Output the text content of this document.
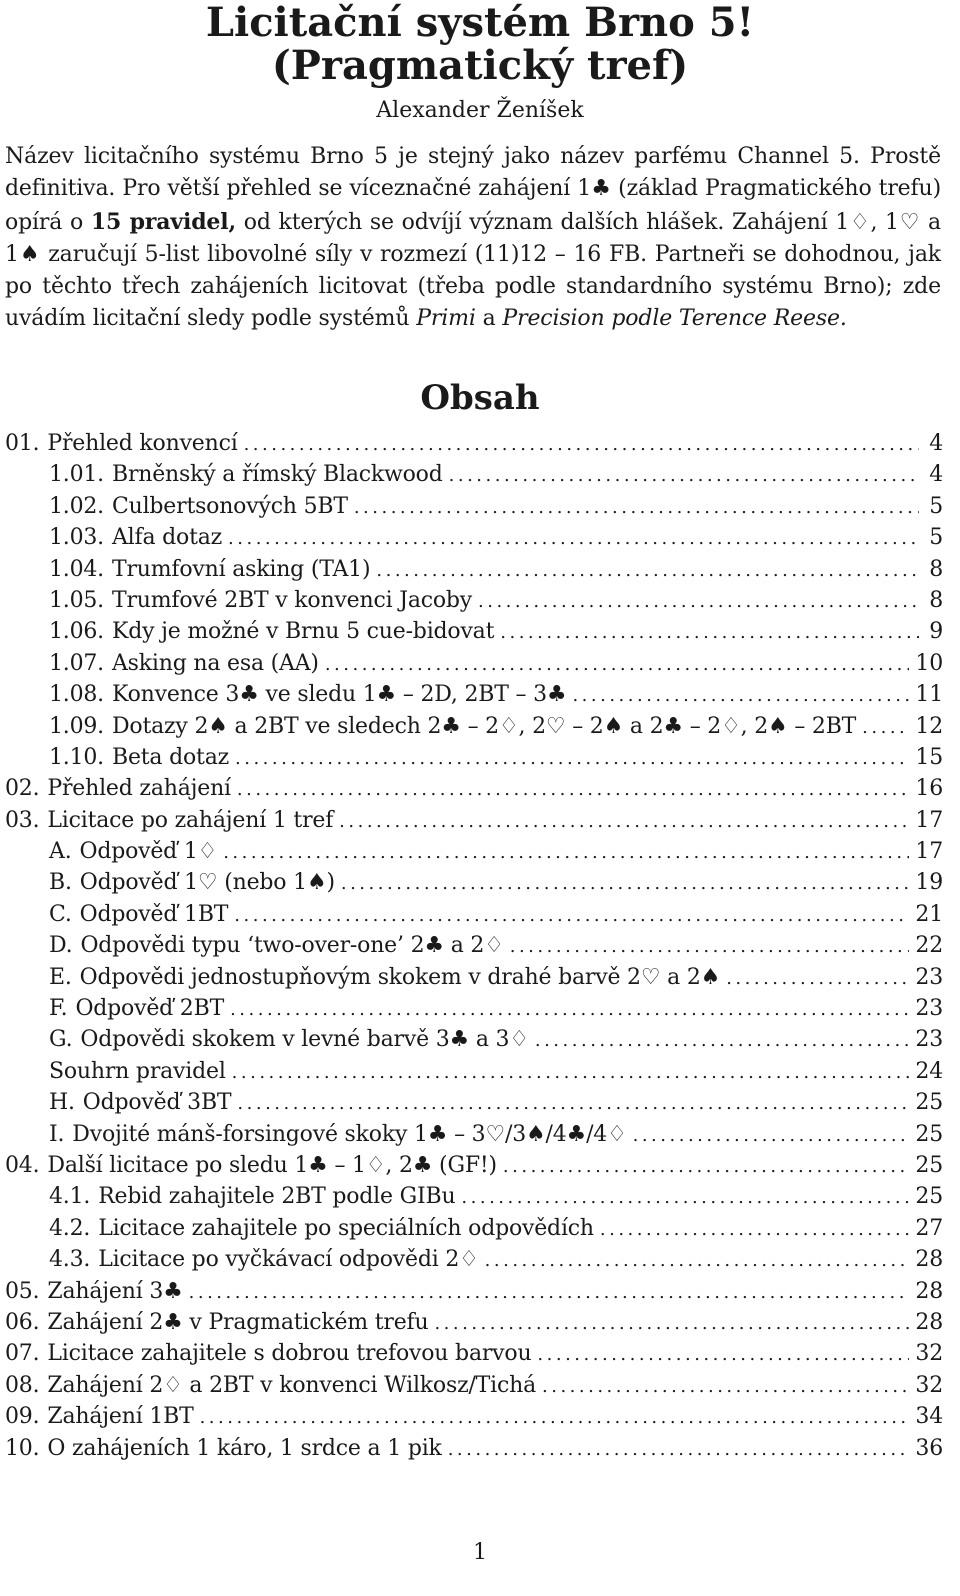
Licitační systém Brno 5!
(Pragmatický tref)
Alexander Ženíšek

Název licitačního systému Brno 5 je stejný jako název parfému Channel 5. Prostě definitiva. Pro větší přehled se víceznačné zahájení 1♣ (základ Pragmatického trefu) opírá o 15 pravidel, od kterých se odvíjí význam dalších hlášek. Zahájení 1♢, 1♡ a 1♠ zaručují 5-list libovolné síly v rozmezí (11)12 – 16 FB. Partneři se dohodnou, jak po těchto třech zahájeních licitovat (třeba podle standardního systému Brno); zde uvádím licitační sledy podle systémů Primi a Precision podle Terence Reese.

Obsah
01. Přehled konvencí .....	4
1.01. Brněnský a římský Blackwood .....	4
1.02. Culbertsonových 5BT .....	5
1.03. Alfa dotaz .....	5
1.04. Trumfovní asking (TA1) .....	8
1.05. Trumfové 2BT v konvenci Jacoby .....	8
1.06. Kdy je možné v Brnu 5 cue-bidovat .....	9
1.07. Asking na esa (AA) .....	10
1.08. Konvence 3♣ ve sledu 1♣ – 2D, 2BT – 3♣ .....	11
1.09. Dotazy 2♠ a 2BT ve sledech 2♣ – 2♢, 2♡ – 2♠ a 2♣ – 2♢, 2♠ – 2BT .....	12
1.10. Beta dotaz .....	15
02. Přehled zahájení .....	16
03. Licitace po zahájení 1 tref .....	17
A. Odpověď 1♢ .....	17
B. Odpověď 1♡ (nebo 1♠) .....	19
C. Odpověď 1BT .....	21
D. Odpovědi typu ‘two-over-one’ 2♣ a 2♢ .....	22
E. Odpovědi jednostupňovým skokem v drahé barvě 2♡ a 2♠ .....	23
F. Odpověď 2BT .....	23
G. Odpovědi skokem v levné barvě 3♣ a 3♢ .....	23
Souhrn pravidel .....	24
H. Odpověď 3BT .....	25
I. Dvojité mánš-forsingové skoky 1♣ – 3♡/3♠/4♣/4♢ .....	25
04. Další licitace po sledu 1♣ – 1♢, 2♣ (GF!) .....	25
4.1. Rebid zahajitele 2BT podle GIBu .....	25
4.2. Licitace zahajitele po speciálních odpovědích .....	27
4.3. Licitace po vyčkávací odpovědi 2♢ .....	28
05. Zahájení 3♣ .....	28
06. Zahájení 2♣ v Pragmatickém trefu .....	28
07. Licitace zahajitele s dobrou trefovou barvou .....	32
08. Zahájení 2♢ a 2BT v konvenci Wilkosz/Tichá .....	32
09. Zahájení 1BT .....	34
10. O zahájeních 1 káro, 1 srdce a 1 pik .....	36
1
